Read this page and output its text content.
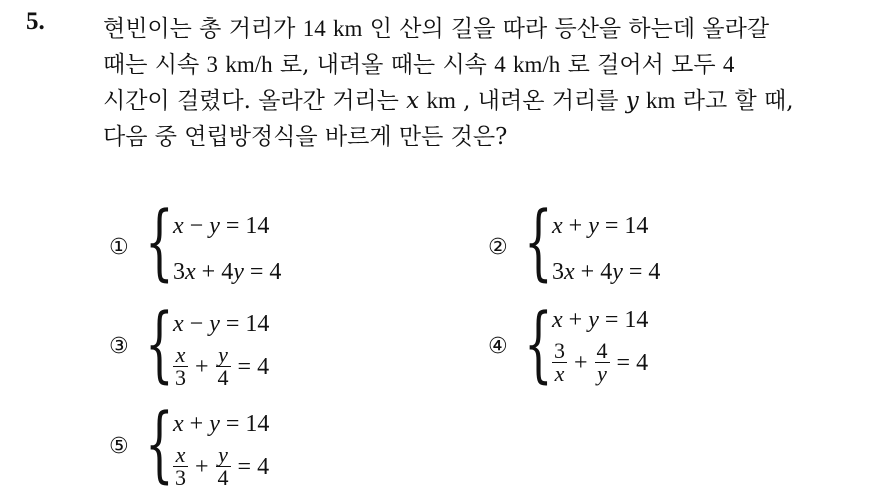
5.	현빈이는 총 거리가 14 km 인 산의 길을 따라 등산을 하는데 올라갈
때는 시속 3 km/h 로, 내려올 때는 시속 4 km/h 로 걸어서 모두 4
시간이 걸렸다. 올라간 거리는 x km , 내려온 거리를 y km 라고 할 때,
다음 중 연립방정식을 바르게 만든 것은?
① { x − y = 14
3x + 4y = 4
② { x + y = 14
3x + 4y = 4
③ { x − y = 14
$\frac{x}{3} + \frac{y}{4} = 4$
④ { x + y = 14
$\frac{3}{x} + \frac{4}{y} = 4$
⑤ { x + y = 14
$\frac{x}{3} + \frac{y}{4} = 4$
